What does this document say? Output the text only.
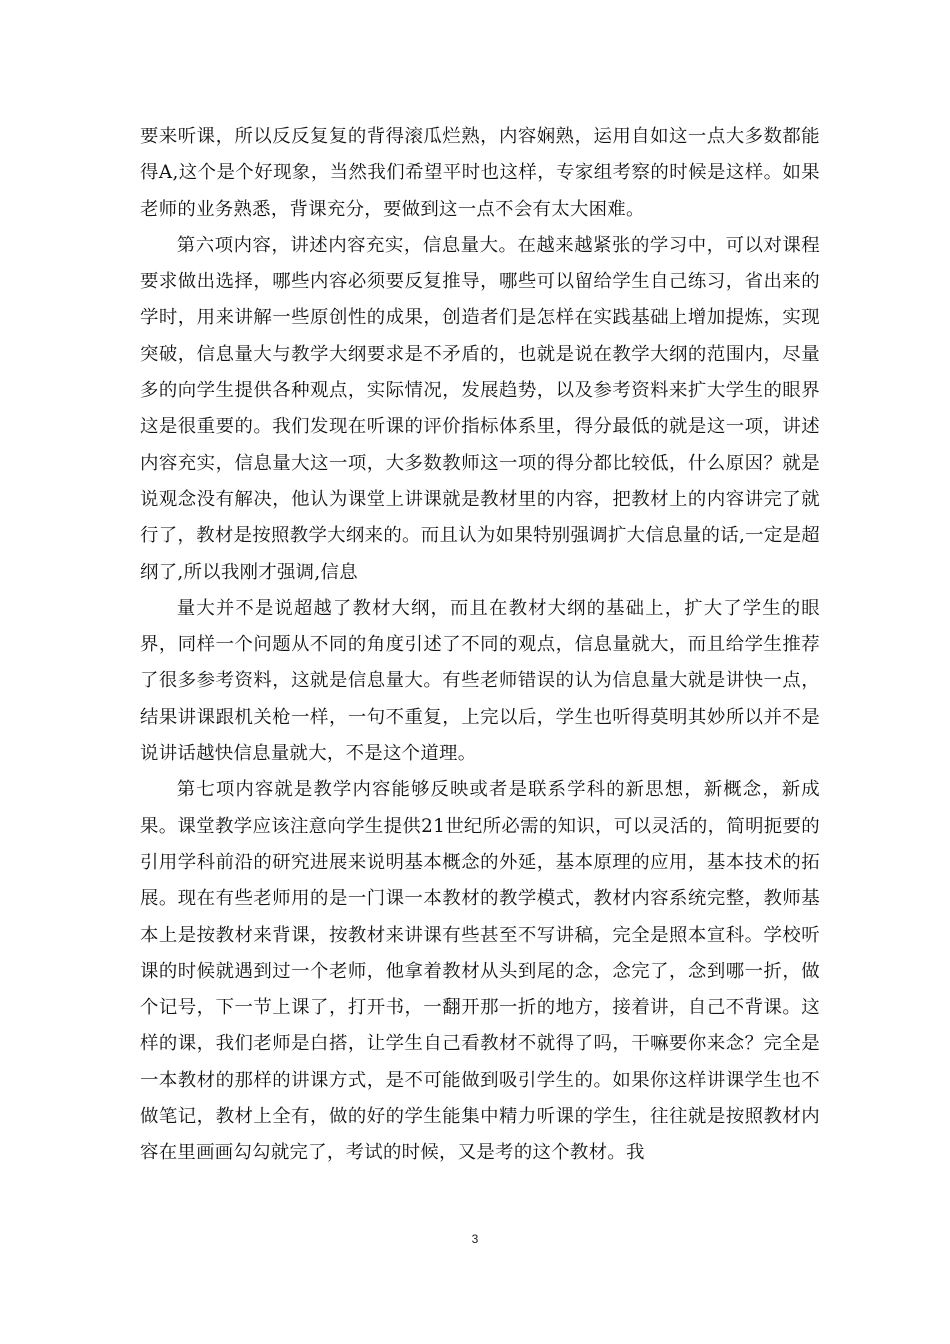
要来听课，所以反反复复的背得滚瓜烂熟，内容娴熟，运用自如这一点大多数都能得A,这个是个好现象，当然我们希望平时也这样，专家组考察的时候是这样。如果老师的业务熟悉，背课充分，要做到这一点不会有太大困难。

第六项内容，讲述内容充实，信息量大。在越来越紧张的学习中，可以对课程要求做出选择，哪些内容必须要反复推导，哪些可以留给学生自己练习，省出来的学时，用来讲解一些原创性的成果，创造者们是怎样在实践基础上增加提炼，实现突破，信息量大与教学大纲要求是不矛盾的，也就是说在教学大纲的范围内，尽量多的向学生提供各种观点，实际情况，发展趋势，以及参考资料来扩大学生的眼界这是很重要的。我们发现在听课的评价指标体系里，得分最低的就是这一项，讲述内容充实，信息量大这一项，大多数教师这一项的得分都比较低，什么原因？就是说观念没有解决，他认为课堂上讲课就是教材里的内容，把教材上的内容讲完了就行了，教材是按照教学大纲来的。而且认为如果特别强调扩大信息量的话,一定是超纲了,所以我刚才强调,信息

量大并不是说超越了教材大纲，而且在教材大纲的基础上，扩大了学生的眼界，同样一个问题从不同的角度引述了不同的观点，信息量就大，而且给学生推荐了很多参考资料，这就是信息量大。有些老师错误的认为信息量大就是讲快一点，结果讲课跟机关枪一样，一句不重复，上完以后，学生也听得莫明其妙所以并不是说讲话越快信息量就大，不是这个道理。

第七项内容就是教学内容能够反映或者是联系学科的新思想，新概念，新成果。课堂教学应该注意向学生提供21世纪所必需的知识，可以灵活的，简明扼要的引用学科前沿的研究进展来说明基本概念的外延，基本原理的应用，基本技术的拓展。现在有些老师用的是一门课一本教材的教学模式，教材内容系统完整，教师基本上是按教材来背课，按教材来讲课有些甚至不写讲稿，完全是照本宣科。学校听课的时候就遇到过一个老师，他拿着教材从头到尾的念，念完了，念到哪一折，做个记号，下一节上课了，打开书，一翻开那一折的地方，接着讲，自己不背课。这样的课，我们老师是白搭，让学生自己看教材不就得了吗，干嘛要你来念？完全是一本教材的那样的讲课方式，是不可能做到吸引学生的。如果你这样讲课学生也不做笔记，教材上全有，做的好的学生能集中精力听课的学生，往往就是按照教材内容在里画画勾勾就完了，考试的时候，又是考的这个教材。我

3
